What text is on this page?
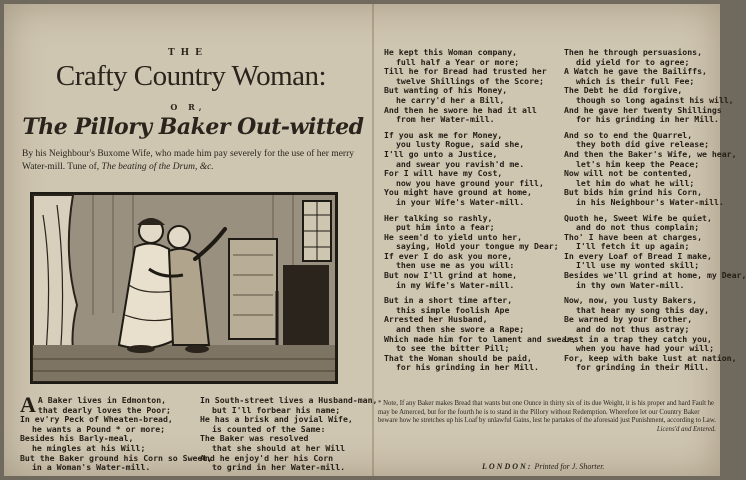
THE
Crafty Country Woman:
O R,
The Pillory Baker Out-witted
By his Neighbour's Buxome Wife, who made him pay severely for the use of her merry Water-mill. Tune of, The beating of the Drum, &c.
A A Baker lives in Edmonton,
that dearly loves the Poor;
In ev'ry Peck of Wheaten-bread,
he wants a Pound * or more;
Besides his Barly-meal,
he mingles at his Will;
But the Baker ground his Corn so Sweet,
in a Woman's Water-mill.
In South-street lives a Husband-man,
but I'll forbear his name;
He has a brisk and jovial Wife,
is counted of the Same:
The Baker was resolved
that she should at her Will
And he enjoy'd her his Corn
to grind in her Water-mill.
He kept this Woman company,
full half a Year or more;
Till he for Bread had trusted her
twelve Shillings of the Score;
But wanting of his Money,
he carry'd her a Bill,
And then he swore he had it all
from her Water-mill.
If you ask me for Money,
you lusty Rogue, said she,
I'll go unto a Justice,
and swear you ravish'd me.
For I will have my Cost,
now you have ground your fill,
You might have ground at home,
in your Wife's Water-mill.
Her talking so rashly,
put him into a fear;
He seem'd to yield unto her,
saying, Hold your tongue my Dear;
If ever I do ask you more,
then use me as you will:
But now I'll grind at home,
in my Wife's Water-mill.
But in a short time after,
this simple foolish Ape
Arrested her Husband,
and then she swore a Rape;
Which made him for to lament and swear,
to see the bitter Pill;
That the Woman should be paid,
for his grinding in her Mill.
Then he through persuasions,
did yield for to agree;
A Watch he gave the Bailiffs,
which is their full Fee;
The Debt he did forgive,
though so long against his will,
And he gave her twenty Shillings
for his grinding in her Mill.
And so to end the Quarrel,
they both did give release;
And then the Baker's Wife, we hear,
let's him keep the Peace;
Now will not be contented,
let him do what he will;
But bids him grind his Corn,
in his Neighbour's Water-mill.
Quoth he, Sweet Wife be quiet,
and do not thus complain;
Tho' I have been at charges,
I'll fetch it up again;
In every Loaf of Bread I make,
I'll use my wonted skill;
Besides we'll grind at home, my Dear,
in thy own Water-mill.
Now, now, you lusty Bakers,
that hear my song this day,
Be warned by your Brother,
and do not thus astray;
Lest in a trap they catch you,
when you have had your will;
For, keep with bake lust at nation,
for grinding in their Mill.
* Note, If any Baker makes Bread that wants but one Ounce in thirty six of its due Weight, it is his proper and hard Fault he may be Amerced, but for the fourth he is to stand in the Pillory without Redemption. Wherefore let our Country Baker beware how he stretches up his Loaf by unlawful Gains, lest he partakes of the aforesaid just Punishment, according to Law.
Licens'd and Entered.
LONDON: Printed for J. Shorter.
